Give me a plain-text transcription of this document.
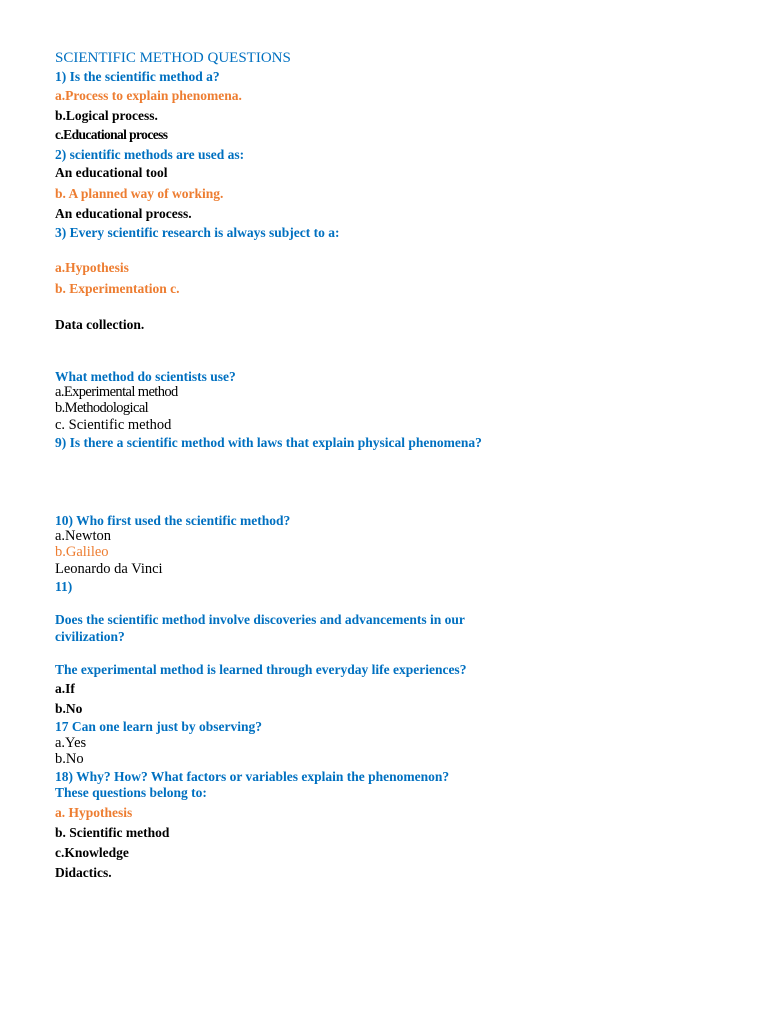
SCIENTIFIC METHOD QUESTIONS
1) Is the scientific method a?
a.Process to explain phenomena.
b.Logical process.
c.Educational process
2) scientific methods are used as:
An educational tool
b. A planned way of working.
An educational process.
3) Every scientific research is always subject to a:
a.Hypothesis
b. Experimentation c.
Data collection.
What method do scientists use?
a.Experimental method
b.Methodological
c. Scientific method
9) Is there a scientific method with laws that explain physical phenomena?
10) Who first used the scientific method?
a.Newton
b.Galileo
Leonardo da Vinci
11)
Does the scientific method involve discoveries and advancements in our
civilization?
The experimental method is learned through everyday life experiences?
a.If
b.No
17 Can one learn just by observing?
a.Yes
b.No
18) Why? How? What factors or variables explain the phenomenon?
These questions belong to:
a. Hypothesis
b. Scientific method
c.Knowledge
Didactics.
